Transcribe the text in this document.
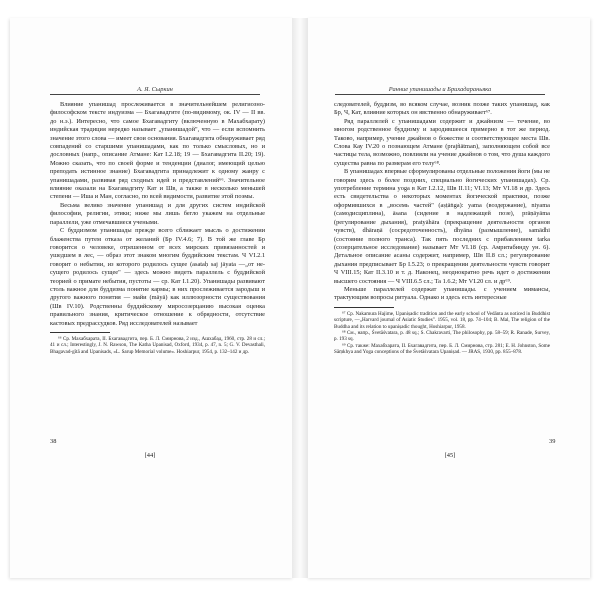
А. Я. Сыркин

Влияние упанишад прослеживается в значительнейшем религиозно-философском тексте индуизма — Бхагавадгите (по-видимому, ок. IV — II вв. до н.э.). Интересно, что самое Бхагавадгиту (включенную в Махабхарату) индийская традиция нередко называет „упанишадой", что — если вспомнить значение этого слова — имеет свои основания. Бхагавадгита обнаруживает ряд совпадений со старшими упанишадами, как по только смысловых, но и дословных (напр., описание Атмане: Кат I.2.18; 19 — Бхагавадгита II.20; 19). Можно сказать, что по своей форме и тенденции (диалог, имеющий целью преподать истинное знание) Бхагавадгита принадлежит к одному жанру с упанишадами, развивая ряд сходных идей и представлений⁶⁶. Значительное влияние оказали на Бхагавадгиту Кат и Шв, а также в несколько меньшей степени — Иша и Ман, согласно, по всей видимости, развитие этой поэмы.

Весьма велико значение упанишад и для других систем индийской философии, религии, этики; ниже мы лишь бегло укажем на отдельные параллели, уже отмечавшиеся учеными.

С буддизмом упанишады прежде всего сближает мысль о достижении блаженства путем отказа от желаний (Бр IV.4.6; 7). В той же главе Бр говорится о человеке, отрешенном от всех мирских привязанностей и ушедшем в лес, — образ этот знаком многим буддийским текстам. Ч VI.2.1 говорит о небытии, из которого родилось сущее (asataḥ saj jāyata —„от не-сущего родилось сущее" — здесь можно видеть параллель с буддийской теорией о примате небытия, пустоты — ср. Кат I.1.20). Упанишады развивают столь важное для буддизма понятие кармы; в них прослеживается зародыш и другого важного понятия — майи (māyā) как иллюзорности существования (Шв IV.10). Родственны буддийскому миросозерцанию высокая оценка правильного знания, критическое отношение к обрядности, отсутствие кастовых предрассудков. Ряд исследователей называет

⁶⁶ Ср. Махабхарата, II. Бхагавадгита, пер. Б. Л. Смирнова, 2 изд., Ашхабад, 1960, стр. 28 и сл.; 41 и сл.; Interestingly, J. N. Rawson, The Katha Upanisad, Oxford, 1934, p. 47, n. 5; G. V. Devasthali, Bhagavad-gītā and Upanisads, «L. Sarup Memorial volume». Hoshiarpur, 1954, p. 132–142 и др.

38
[44]
Ранние упанишады и Брихадараньяка

следователей, буддизм, во всяком случае, возник позже таких упанишад, как Бр, Ч, Кат, влияние которых он явственно обнаруживает⁶⁷.

Ряд параллелей с упанишадами содержит и джайнизм — течение, во многом родственное буддизму и зародившееся примерно в тот же период. Таково, например, учение джайнов о божестве и соответствующее места Шв. Слова Кау IV.20 о познающем Атмане (prajñātman), заполняющем собой все частицы тела, возможно, повлияли на учение джайнов о том, что душа каждого существа равна по размерам его телу⁶⁸.

В упанишадах впервые сформулированы отдельные положения йоги (мы не говорим здесь о более поздних, специально йогических упанишадах). Ср. употребление термина yoga в Кат I.2.12, Шв II.11; VI.13; Мт VI.18 и др. Здесь есть свидетельства о некоторых моментах йогической практики, позже оформившихся в „восемь частей" (aṣṭāṅga): yama (воздержание), niyama (самодисциплина), āsana (сидение в надлежащей позе), prāṇāyāma (регулирование дыхания), pratyāhāra (прекращение деятельности органов чувств), dhāraṇā (сосредоточенность), dhyāna (размышление), samādhi (состояние полного транса). Так пять последних с прибавлением tarka (созерцательное исследование) называет Мт VI.18 (ср. Амритабинду ун. 6). Детальное описание асаны содержит, например, Шв II.8 сл.; регулирование дыхания предписывает Бр I.5.23; о прекращении деятельности чувств говорит Ч VIII.15; Кат II.3.10 и т. д. Наконец, неоднократно речь идет о достижении высшего состояния — Ч VIII.6.5 сл.; Та 1.6.2; Мт VI.20 сл. и др⁶⁹.

Меньше параллелей содержат упанишады. с учением мимансы, трактующим вопросы ритуала. Однако и здесь есть интересные

⁶⁷ Ср. Nakamura Hajime, Upaniṣadic tradition and the early school of Vedānta as noticed in Buddhist scripture, —„Harvard journal of Asiatic Studies". 1955, vol. 18, pp. 74–104; B. Mal, The religion of the Buddha and its relation to upaniṣadic thought, Hoshiarpur, 1958.

⁶⁸ См., напр., Śvetāśvatara, p. 48 sq.; S. Chakravarti, The philosophy, pp. 58–59; R. Ranade, Survey, p. 193 sq.

⁶⁹ Ср. также: Махабхарата, II. Бхагавадгита, пер. Б. Л. Смирнова, стр. 281; E. H. Johnston, Some Sāṃkhya and Yoga conceptions of the Śvetāśvatara Upaniṣad. — JRAS, 1930, pp. 855–878.

39
[45]
